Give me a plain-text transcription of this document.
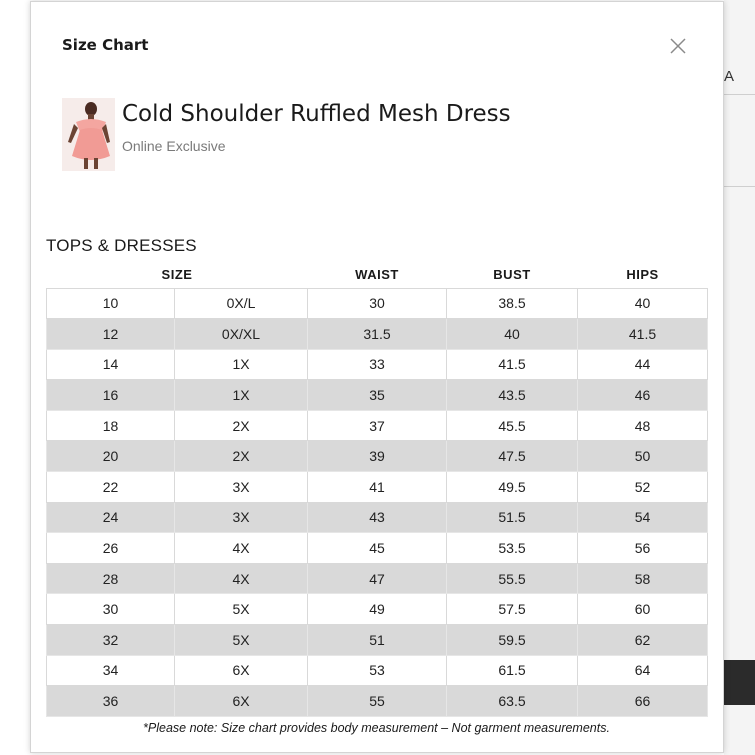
A
Size Chart
Cold Shoulder Ruffled Mesh Dress
Online Exclusive
TOPS & DRESSES
SIZE		WAIST	BUST	HIPS
10	0X/L	30	38.5	40
12	0X/XL	31.5	40	41.5
14	1X	33	41.5	44
16	1X	35	43.5	46
18	2X	37	45.5	48
20	2X	39	47.5	50
22	3X	41	49.5	52
24	3X	43	51.5	54
26	4X	45	53.5	56
28	4X	47	55.5	58
30	5X	49	57.5	60
32	5X	51	59.5	62
34	6X	53	61.5	64
36	6X	55	63.5	66
*Please note: Size chart provides body measurement – Not garment measurements.
